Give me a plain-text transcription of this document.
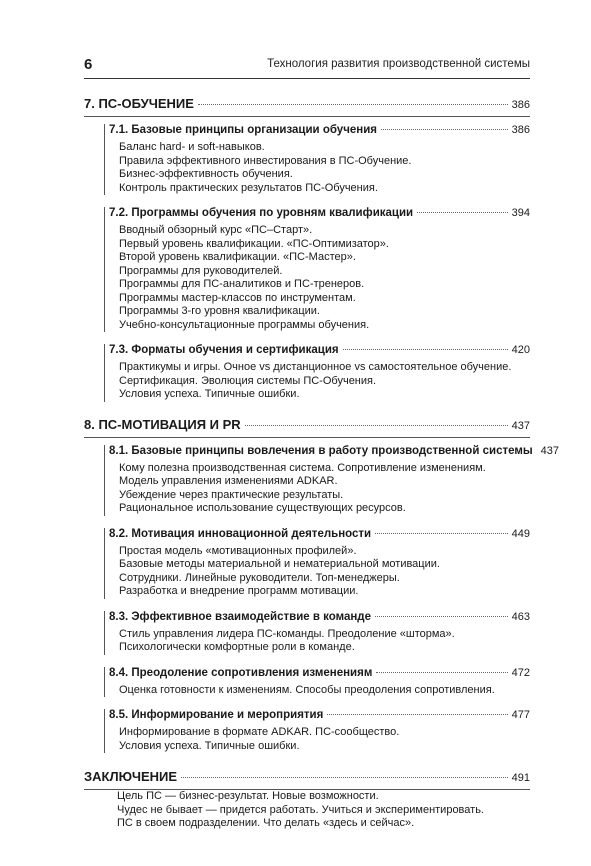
6	Технология развития производственной системы
7. ПС-ОБУЧЕНИЕ	386
7.1. Базовые принципы организации обучения	386
Баланс hard- и soft-навыков.
Правила эффективного инвестирования в ПС-Обучение.
Бизнес-эффективность обучения.
Контроль практических результатов ПС-Обучения.
7.2. Программы обучения по уровням квалификации	394
Вводный обзорный курс «ПС–Старт».
Первый уровень квалификации. «ПС-Оптимизатор».
Второй уровень квалификации. «ПС-Мастер».
Программы для руководителей.
Программы для ПС-аналитиков и ПС-тренеров.
Программы мастер-классов по инструментам.
Программы 3-го уровня квалификации.
Учебно-консультационные программы обучения.
7.3. Форматы обучения и сертификация	420
Практикумы и игры. Очное vs дистанционное vs самостоятельное обучение.
Сертификация. Эволюция системы ПС-Обучения.
Условия успеха. Типичные ошибки.
8. ПС-МОТИВАЦИЯ И PR	437
8.1. Базовые принципы вовлечения в работу производственной системы 437
Кому полезна производственная система. Сопротивление изменениям.
Модель управления изменениями ADKAR.
Убеждение через практические результаты.
Рациональное использование существующих ресурсов.
8.2. Мотивация инновационной деятельности	449
Простая модель «мотивационных профилей».
Базовые методы материальной и нематериальной мотивации.
Сотрудники. Линейные руководители. Топ-менеджеры.
Разработка и внедрение программ мотивации.
8.3. Эффективное взаимодействие в команде	463
Стиль управления лидера ПС-команды. Преодоление «шторма».
Психологически комфортные роли в команде.
8.4. Преодоление сопротивления изменениям	472
Оценка готовности к изменениям. Способы преодоления сопротивления.
8.5. Информирование и мероприятия	477
Информирование в формате ADKAR. ПС-сообщество.
Условия успеха. Типичные ошибки.
ЗАКЛЮЧЕНИЕ	491
Цель ПС — бизнес-результат. Новые возможности.
Чудес не бывает — придется работать. Учиться и экспериментировать.
ПС в своем подразделении. Что делать «здесь и сейчас».
